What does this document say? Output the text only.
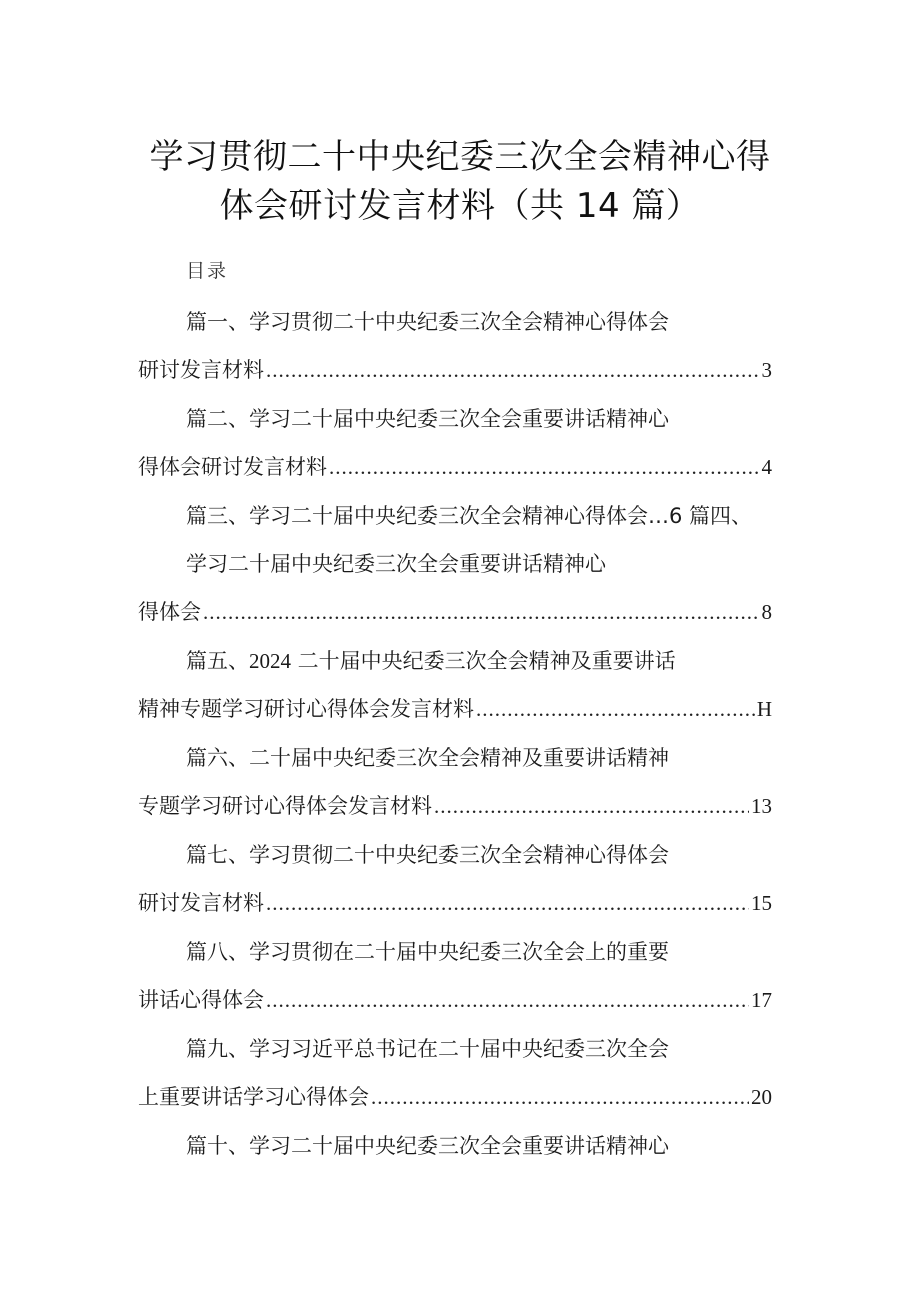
学习贯彻二十中央纪委三次全会精神心得
体会研讨发言材料（共 14 篇）
目录
篇一、学习贯彻二十中央纪委三次全会精神心得体会
研讨发言材料 .....	3
篇二、学习二十届中央纪委三次全会重要讲话精神心
得体会研讨发言材料 .....	4
篇三、学习二十届中央纪委三次全会精神心得体会…6 篇四、
学习二十届中央纪委三次全会重要讲话精神心
得体会 .....	8
篇五、2024 二十届中央纪委三次全会精神及重要讲话
精神专题学习研讨心得体会发言材料 .....	H
篇六、二十届中央纪委三次全会精神及重要讲话精神
专题学习研讨心得体会发言材料 .....	13
篇七、学习贯彻二十中央纪委三次全会精神心得体会
研讨发言材料 .....	15
篇八、学习贯彻在二十届中央纪委三次全会上的重要
讲话心得体会 .....	17
篇九、学习习近平总书记在二十届中央纪委三次全会
上重要讲话学习心得体会 .....	20
篇十、学习二十届中央纪委三次全会重要讲话精神心
